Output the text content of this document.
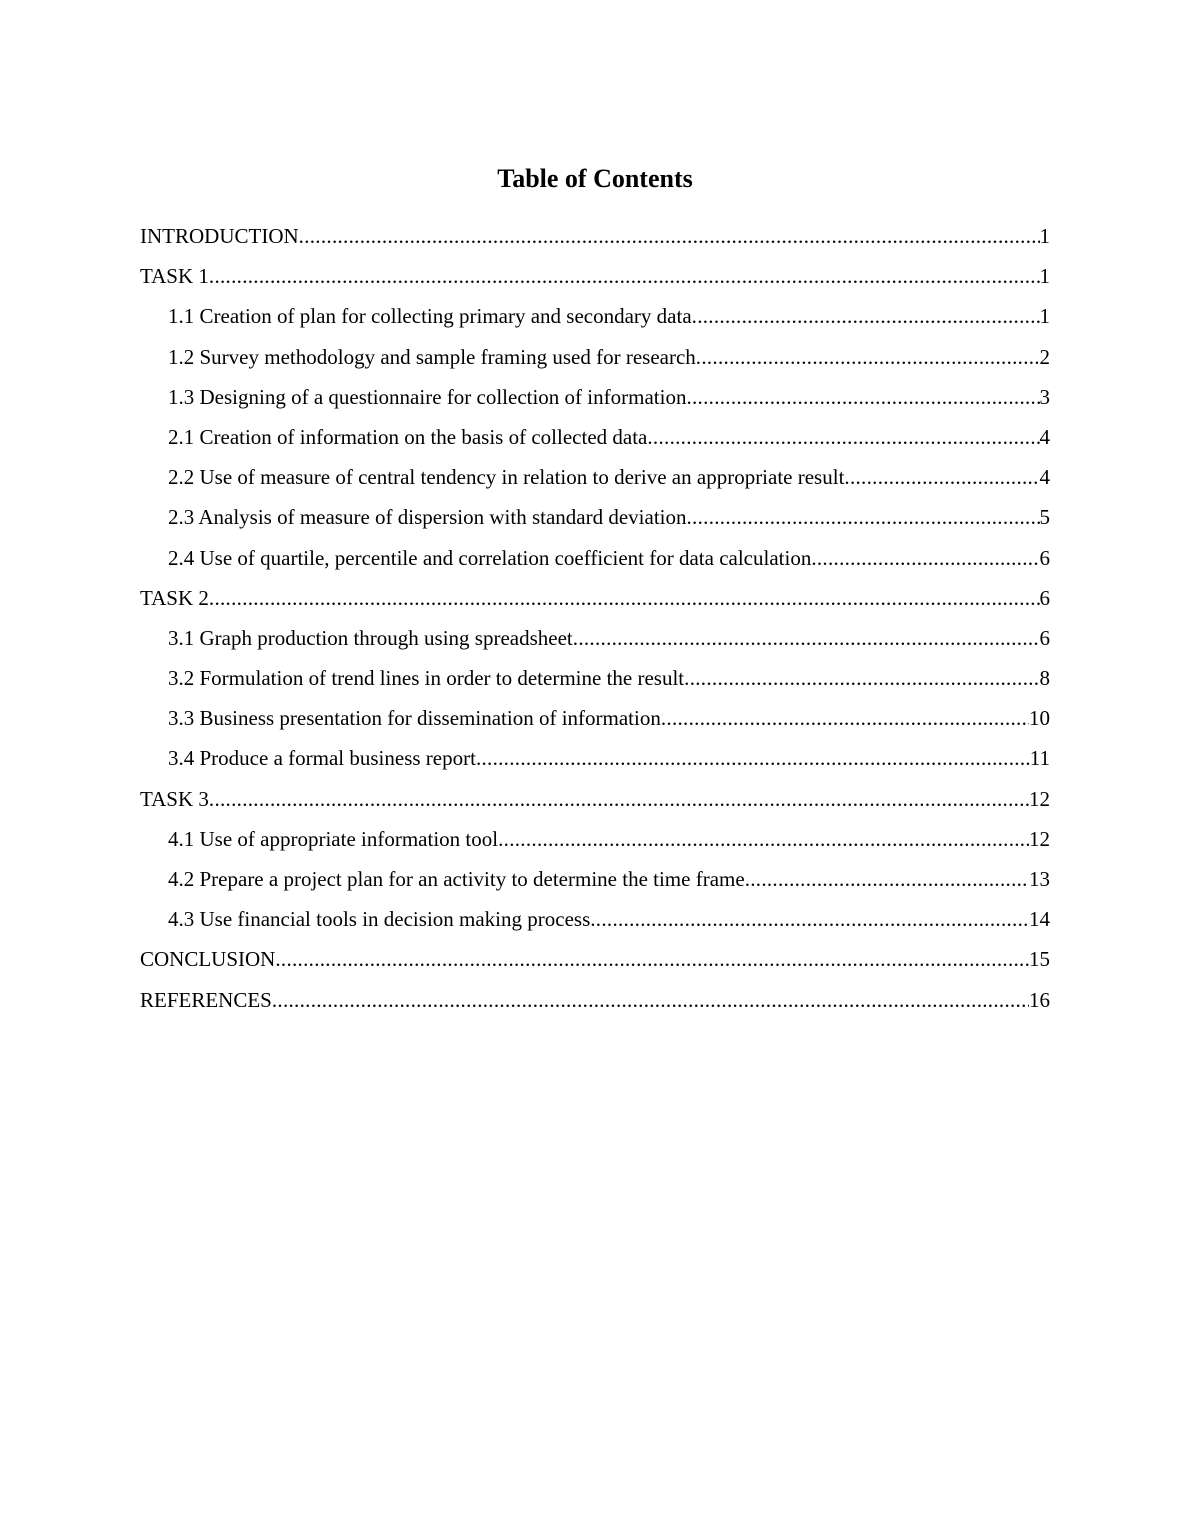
Table of Contents
INTRODUCTION .....	1
TASK 1 .....	1
1.1 Creation of plan for collecting primary and secondary data .....	1
1.2 Survey methodology and sample framing used for research .....	2
1.3 Designing of a questionnaire for collection of information .....	3
2.1 Creation of information on the basis of collected data .....	4
2.2 Use of measure of central tendency in relation to derive an appropriate result .....	4
2.3 Analysis of measure of dispersion with standard deviation .....	5
2.4 Use of quartile, percentile and correlation coefficient for data calculation .....	6
TASK 2 .....	6
3.1 Graph production through using spreadsheet .....	6
3.2 Formulation of trend lines in order to determine the result .....	8
3.3 Business presentation for dissemination of information .....	10
3.4 Produce a formal business report .....	11
TASK 3 .....	12
4.1 Use of appropriate information tool .....	12
4.2 Prepare a project plan for an activity to determine the time frame .....	13
4.3 Use financial tools in decision making process .....	14
CONCLUSION .....	15
REFERENCES .....	16
